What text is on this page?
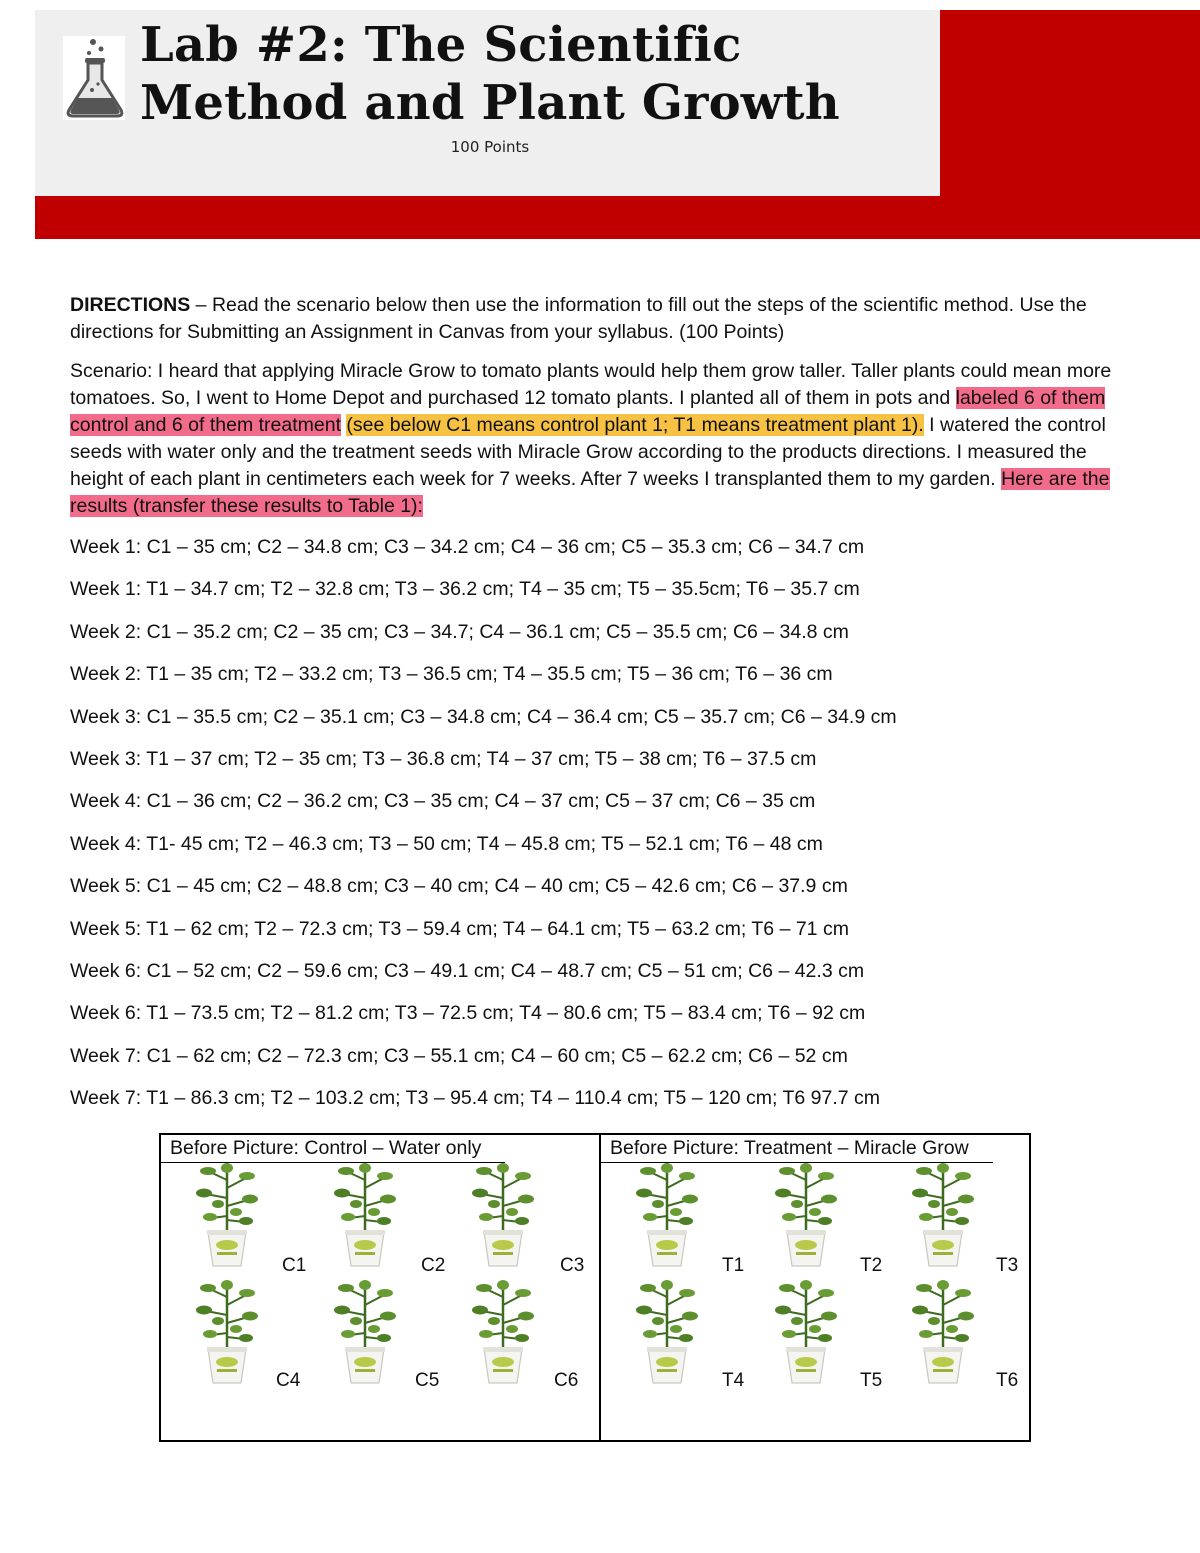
Lab #2: The Scientific Method and Plant Growth
100 Points

DIRECTIONS – Read the scenario below then use the information to fill out the steps of the scientific method. Use the directions for Submitting an Assignment in Canvas from your syllabus. (100 Points)

Scenario: I heard that applying Miracle Grow to tomato plants would help them grow taller. Taller plants could mean more tomatoes. So, I went to Home Depot and purchased 12 tomato plants. I planted all of them in pots and labeled 6 of them control and 6 of them treatment (see below C1 means control plant 1; T1 means treatment plant 1). I watered the control seeds with water only and the treatment seeds with Miracle Grow according to the products directions. I measured the height of each plant in centimeters each week for 7 weeks. After 7 weeks I transplanted them to my garden. Here are the results (transfer these results to Table 1):

Week 1: C1 – 35 cm; C2 – 34.8 cm; C3 – 34.2 cm; C4 – 36 cm; C5 – 35.3 cm; C6 – 34.7 cm
Week 1: T1 – 34.7 cm; T2 – 32.8 cm; T3 – 36.2 cm; T4 – 35 cm; T5 – 35.5cm; T6 – 35.7 cm
Week 2: C1 – 35.2 cm; C2 – 35 cm; C3 – 34.7; C4 – 36.1 cm; C5 – 35.5 cm; C6 – 34.8 cm
Week 2: T1 – 35 cm; T2 – 33.2 cm; T3 – 36.5 cm; T4 – 35.5 cm; T5 – 36 cm; T6 – 36 cm
Week 3: C1 – 35.5 cm; C2 – 35.1 cm; C3 – 34.8 cm; C4 – 36.4 cm; C5 – 35.7 cm; C6 – 34.9 cm
Week 3: T1 – 37 cm; T2 – 35 cm; T3 – 36.8 cm; T4 – 37 cm; T5 – 38 cm; T6 – 37.5 cm
Week 4: C1 – 36 cm; C2 – 36.2 cm; C3 – 35 cm; C4 – 37 cm; C5 – 37 cm; C6 – 35 cm
Week 4: T1- 45 cm; T2 – 46.3 cm; T3 – 50 cm; T4 – 45.8 cm; T5 – 52.1 cm; T6 – 48 cm
Week 5: C1 – 45 cm; C2 – 48.8 cm; C3 – 40 cm; C4 – 40 cm; C5 – 42.6 cm; C6 – 37.9 cm
Week 5: T1 – 62 cm; T2 – 72.3 cm; T3 – 59.4 cm; T4 – 64.1 cm; T5 – 63.2 cm; T6 – 71 cm
Week 6: C1 – 52 cm; C2 – 59.6 cm; C3 – 49.1 cm; C4 – 48.7 cm; C5 – 51 cm; C6 – 42.3 cm
Week 6: T1 – 73.5 cm; T2 – 81.2 cm; T3 – 72.5 cm; T4 – 80.6 cm; T5 – 83.4 cm; T6 – 92 cm
Week 7: C1 – 62 cm; C2 – 72.3 cm; C3 – 55.1 cm; C4 – 60 cm; C5 – 62.2 cm; C6 – 52 cm
Week 7: T1 – 86.3 cm; T2 – 103.2 cm; T3 – 95.4 cm; T4 – 110.4 cm; T5 – 120 cm; T6 97.7 cm
Before Picture: Control – Water only	Before Picture: Treatment – Miracle Grow
C1	C2	C3
C4	C5	C6
T1	T2	T3
T4	T5	T6
